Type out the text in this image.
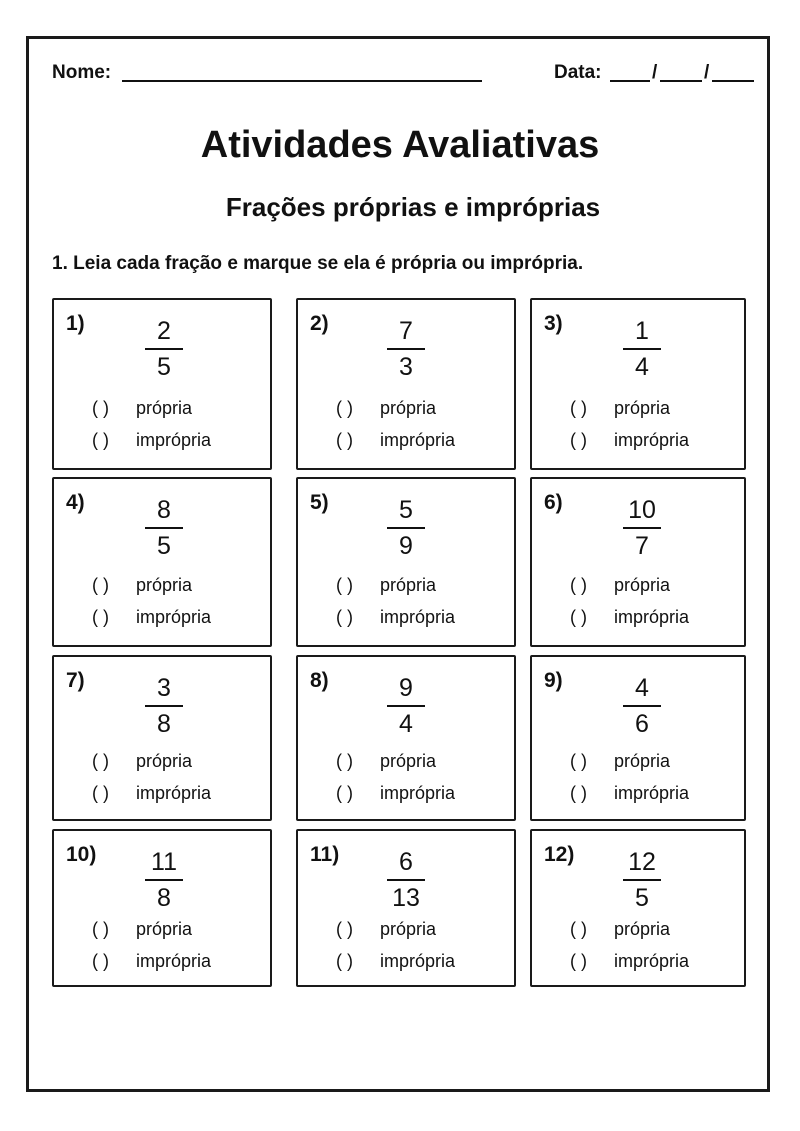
Nome:	Data:	/ /
Atividades Avaliativas
Frações próprias e impróprias
1. Leia cada fração e marque se ela é própria ou imprópria.
1)	2
5
( ) própria
( ) imprópria
2)	7
3
( ) própria
( ) imprópria
3)	1
4
( ) própria
( ) imprópria
4)	8
5
( ) própria
( ) imprópria
5)	5
9
( ) própria
( ) imprópria
6)	10
7
( ) própria
( ) imprópria
7)	3
8
( ) própria
( ) imprópria
8)	9
4
( ) própria
( ) imprópria
9)	4
6
( ) própria
( ) imprópria
10)	11
8
( ) própria
( ) imprópria
11)	6
13
( ) própria
( ) imprópria
12)	12
5
( ) própria
( ) imprópria
